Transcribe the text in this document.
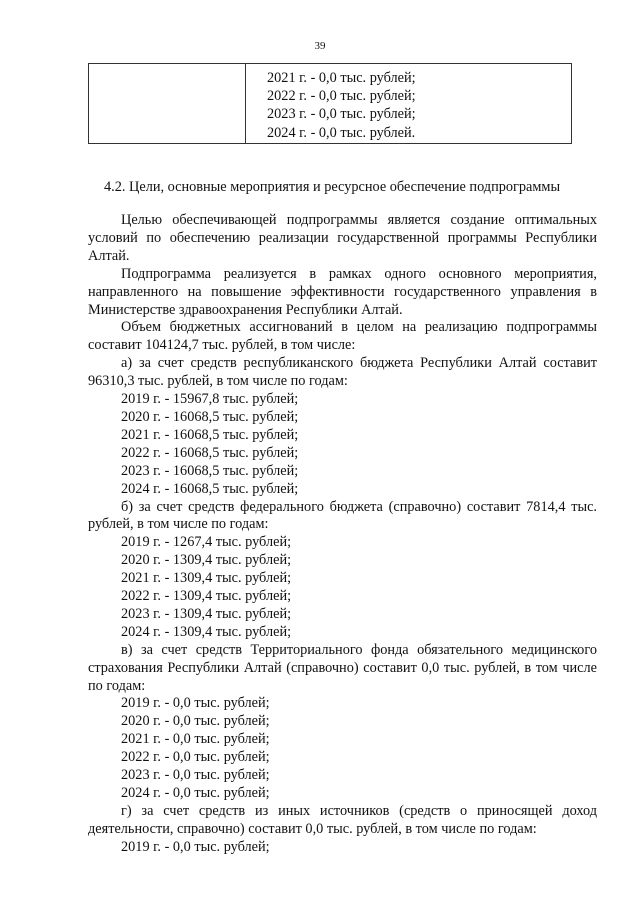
39
2021 г. - 0,0 тыс. рублей;
2022 г. - 0,0 тыс. рублей;
2023 г. - 0,0 тыс. рублей;
2024 г. - 0,0 тыс. рублей.
4.2. Цели, основные мероприятия и ресурсное обеспечение подпрограммы

Целью обеспечивающей подпрограммы является создание оптимальных условий по обеспечению реализации государственной программы Республики Алтай.

Подпрограмма реализуется в рамках одного основного мероприятия, направленного на повышение эффективности государственного управления в Министерстве здравоохранения Республики Алтай.

Объем бюджетных ассигнований в целом на реализацию подпрограммы составит 104124,7 тыс. рублей, в том числе:

а) за счет средств республиканского бюджета Республики Алтай составит 96310,3 тыс. рублей, в том числе по годам:

2019 г. - 15967,8 тыс. рублей;

2020 г. - 16068,5 тыс. рублей;

2021 г. - 16068,5 тыс. рублей;

2022 г. - 16068,5 тыс. рублей;

2023 г. - 16068,5 тыс. рублей;

2024 г. - 16068,5 тыс. рублей;

б) за счет средств федерального бюджета (справочно) составит 7814,4 тыс. рублей, в том числе по годам:

2019 г. - 1267,4 тыс. рублей;

2020 г. - 1309,4 тыс. рублей;

2021 г. - 1309,4 тыс. рублей;

2022 г. - 1309,4 тыс. рублей;

2023 г. - 1309,4 тыс. рублей;

2024 г. - 1309,4 тыс. рублей;

в) за счет средств Территориального фонда обязательного медицинского страхования Республики Алтай (справочно) составит 0,0 тыс. рублей, в том числе по годам:

2019 г. - 0,0 тыс. рублей;

2020 г. - 0,0 тыс. рублей;

2021 г. - 0,0 тыс. рублей;

2022 г. - 0,0 тыс. рублей;

2023 г. - 0,0 тыс. рублей;

2024 г. - 0,0 тыс. рублей;

г) за счет средств из иных источников (средств о приносящей доход деятельности, справочно) составит 0,0 тыс. рублей, в том числе по годам:

2019 г. - 0,0 тыс. рублей;
